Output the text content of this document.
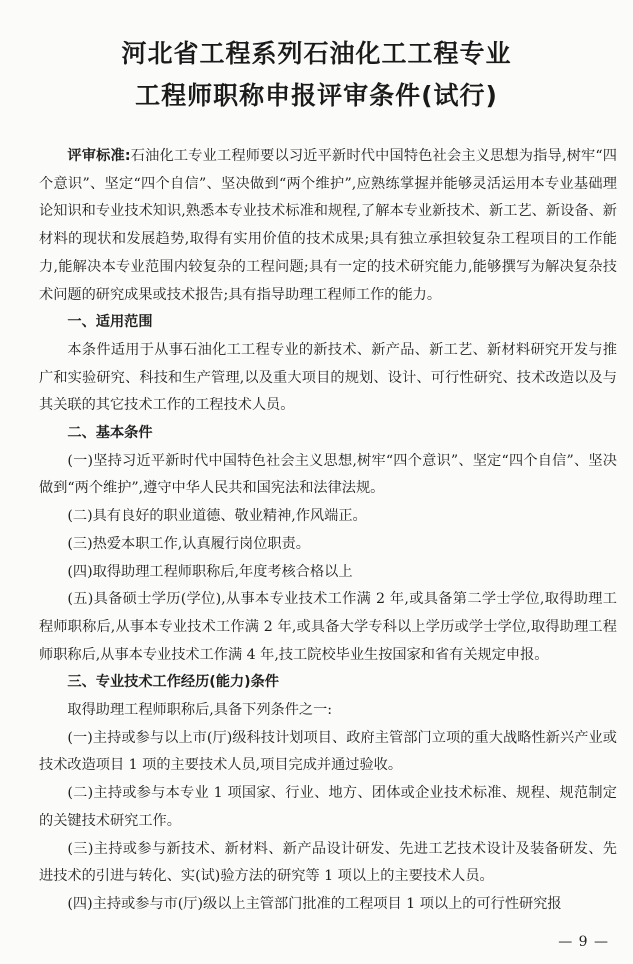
河北省工程系列石油化工工程专业
工程师职称申报评审条件(试行)

评审标准:石油化工专业工程师要以习近平新时代中国特色社会主义思想为指导,树牢“四个意识”、坚定“四个自信”、坚决做到“两个维护”,应熟练掌握并能够灵活运用本专业基础理论知识和专业技术知识,熟悉本专业技术标准和规程,了解本专业新技术、新工艺、新设备、新材料的现状和发展趋势,取得有实用价值的技术成果;具有独立承担较复杂工程项目的工作能力,能解决本专业范围内较复杂的工程问题;具有一定的技术研究能力,能够撰写为解决复杂技术问题的研究成果或技术报告;具有指导助理工程师工作的能力。

一、适用范围

本条件适用于从事石油化工工程专业的新技术、新产品、新工艺、新材料研究开发与推广和实验研究、科技和生产管理,以及重大项目的规划、设计、可行性研究、技术改造以及与其关联的其它技术工作的工程技术人员。

二、基本条件

(一)坚持习近平新时代中国特色社会主义思想,树牢“四个意识”、坚定“四个自信”、坚决做到“两个维护”,遵守中华人民共和国宪法和法律法规。

(二)具有良好的职业道德、敬业精神,作风端正。

(三)热爱本职工作,认真履行岗位职责。

(四)取得助理工程师职称后,年度考核合格以上

(五)具备硕士学历(学位),从事本专业技术工作满 2 年,或具备第二学士学位,取得助理工程师职称后,从事本专业技术工作满 2 年,或具备大学专科以上学历或学士学位,取得助理工程师职称后,从事本专业技术工作满 4 年,技工院校毕业生按国家和省有关规定申报。

三、专业技术工作经历(能力)条件

取得助理工程师职称后,具备下列条件之一:

(一)主持或参与以上市(厅)级科技计划项目、政府主管部门立项的重大战略性新兴产业或技术改造项目 1 项的主要技术人员,项目完成并通过验收。

(二)主持或参与本专业 1 项国家、行业、地方、团体或企业技术标准、规程、规范制定的关键技术研究工作。

(三)主持或参与新技术、新材料、新产品设计研发、先进工艺技术设计及装备研发、先进技术的引进与转化、实(试)验方法的研究等 1 项以上的主要技术人员。

(四)主持或参与市(厅)级以上主管部门批准的工程项目 1 项以上的可行性研究报

— 9 —
